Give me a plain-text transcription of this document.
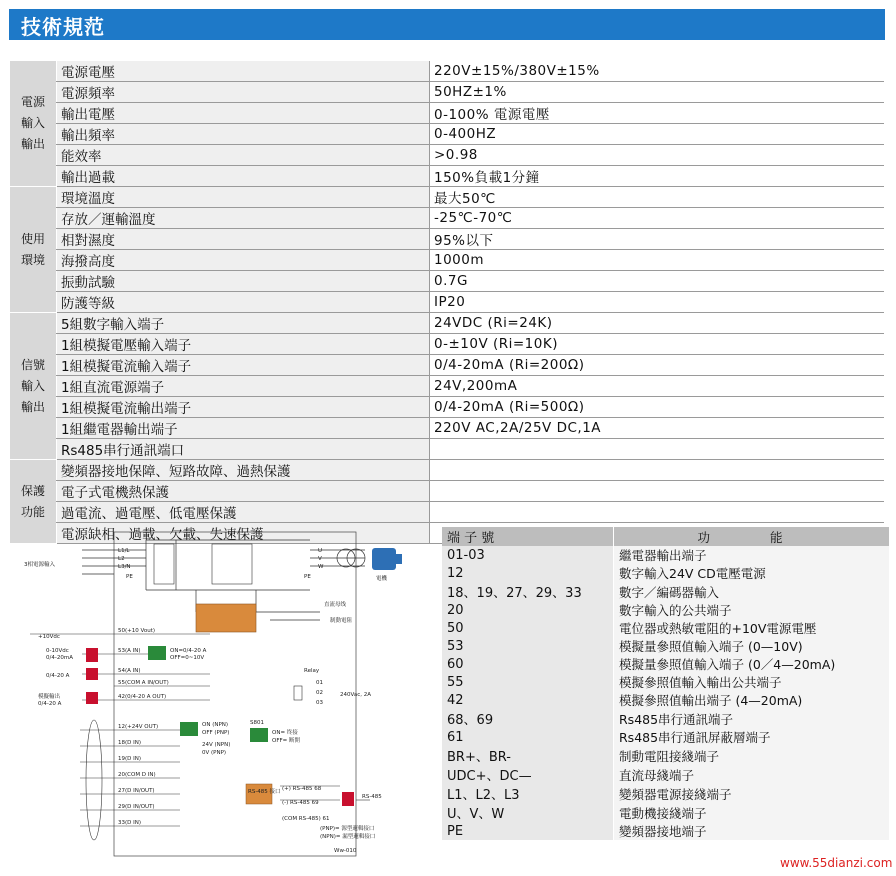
技術規范
電源
輸入
輸出	電源電壓	220V±15%/380V±15%
	電源頻率	50HZ±1%
	輸出電壓	0-100% 電源電壓
	輸出頻率	0-400HZ
	能效率	>0.98
	輸出過載	150%負載1分鐘
使用
環境	環境溫度	最大50℃
	存放／運輸溫度	-25℃-70℃
	相對濕度	95%以下
	海撥高度	1000m
	振動試驗	0.7G
	防護等級	IP20
信號
輸入
輸出	5組數字輸入端子	24VDC (Ri=24K)
	1組模擬電壓輸入端子	0-±10V (Ri=10K)
	1組模擬電流輸入端子	0/4-20mA (Ri=200Ω)
	1組直流電源端子	24V,200mA
	1組模擬電流輸出端子	0/4-20mA (Ri=500Ω)
	1組繼電器輸出端子	220V AC,2A/25V DC,1A
	Rs485串行通訊端口	
保護
功能	變頻器接地保障、短路故障、過熱保護	
	電子式電機熱保護	
	過電流、過電壓、低電壓保護	
	電源缺相、過載、欠載、失速保護	
3相電源輸入
L1/L
L2
L3/N
PE	PE
U
V
W
電機
直流母线
制動電阻
+10Vdc
0-10Vdc
0/4-20mA
0/4-20 A
模擬輸出
0/4-20 A
50(+10 Vout)
53(A IN)
54(A IN)
55(COM A IN/OUT)
42(0/4-20 A OUT)
ON=0/4-20 A
OFF=0~10V
12(+24V OUT)
18(D IN)
19(D IN)
20(COM D IN)
27(D IN/OUT)
29(D IN/OUT)
33(D IN)
ON (NPN)
OFF (PNP)
24V (NPN)
0V (PNP)
S801
ON= 终接
OFF= 断開
Relay
01
02
03
240Vac, 2A
RS-485 接口 (+) RS-485 68
(-) RS-485 69
RS-485
(COM RS-485) 61
(PNP)= 源型邏輯接口
(NPN)= 漏型邏輯接口
Ww-010
端 子 號	功 能
01-03	繼電器輸出端子
12	數字輸入24V CD電壓電源
18、19、27、29、33	數字／編碼器輸入
20	數字輸入的公共端子
50	電位器或熱敏電阻的+10V電源電壓
53	模擬量參照值輸入端子 (0—10V)
60	模擬量參照值輸入端子 (0／4—20mA)
55	模擬參照值輸入輸出公共端子
42	模擬參照值輸出端子 (4—20mA)
68、69	Rs485串行通訊端子
61	Rs485串行通訊屏蔽層端子
BR+、BR-	制動電阻接綫端子
UDC+、DC—	直流母綫端子
L1、L2、L3	變頻器電源接綫端子
U、V、W	電動機接綫端子
PE	變頻器接地端子
www.55dianzi.com
